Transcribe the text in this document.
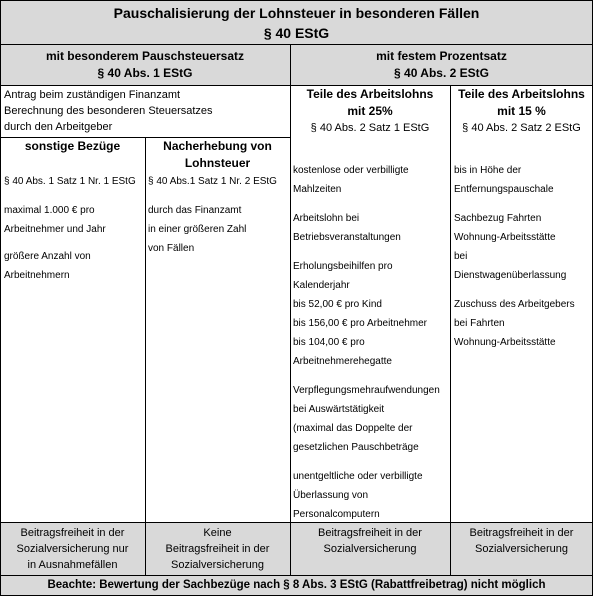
Pauschalisierung der Lohnsteuer in besonderen Fällen
§ 40 EStG
mit besonderem Pauschsteuersatz
§ 40 Abs. 1 EStG
mit festem Prozentsatz
§ 40 Abs. 2 EStG
Antrag beim zuständigen Finanzamt
Berechnung des besonderen Steuersatzes
durch den Arbeitgeber
sonstige Bezüge
§ 40 Abs. 1 Satz 1 Nr. 1 EStG
maximal 1.000 € pro
Arbeitnehmer und Jahr
größere Anzahl von
Arbeitnehmern
Nacherhebung von
Lohnsteuer
§ 40 Abs.1 Satz 1 Nr. 2 EStG
durch das Finanzamt
in einer größeren Zahl
von Fällen
Teile des Arbeitslohns
mit 25%
§ 40 Abs. 2 Satz 1 EStG
kostenlose oder verbilligte
Mahlzeiten
Arbeitslohn bei
Betriebsveranstaltungen
Erholungsbeihilfen pro
Kalenderjahr
bis 52,00 € pro Kind
bis 156,00 € pro Arbeitnehmer
bis 104,00 € pro
Arbeitnehmerehegatte
Verpflegungsmehraufwendungen
bei Auswärtstätigkeit
(maximal das Doppelte der
gesetzlichen Pauschbeträge
unentgeltliche oder verbilligte
Überlassung von
Personalcomputern
Teile des Arbeitslohns
mit 15 %
§ 40 Abs. 2 Satz 2 EStG
bis in Höhe der
Entfernungspauschale
Sachbezug Fahrten
Wohnung-Arbeitsstätte
bei
Dienstwagenüberlassung
Zuschuss des Arbeitgebers
bei Fahrten
Wohnung-Arbeitsstätte
Beitragsfreiheit in der
Sozialversicherung nur
in Ausnahmefällen
Keine
Beitragsfreiheit in der
Sozialversicherung
Beitragsfreiheit in der
Sozialversicherung
Beitragsfreiheit in der
Sozialversicherung
Beachte: Bewertung der Sachbezüge nach § 8 Abs. 3 EStG (Rabattfreibetrag) nicht möglich
